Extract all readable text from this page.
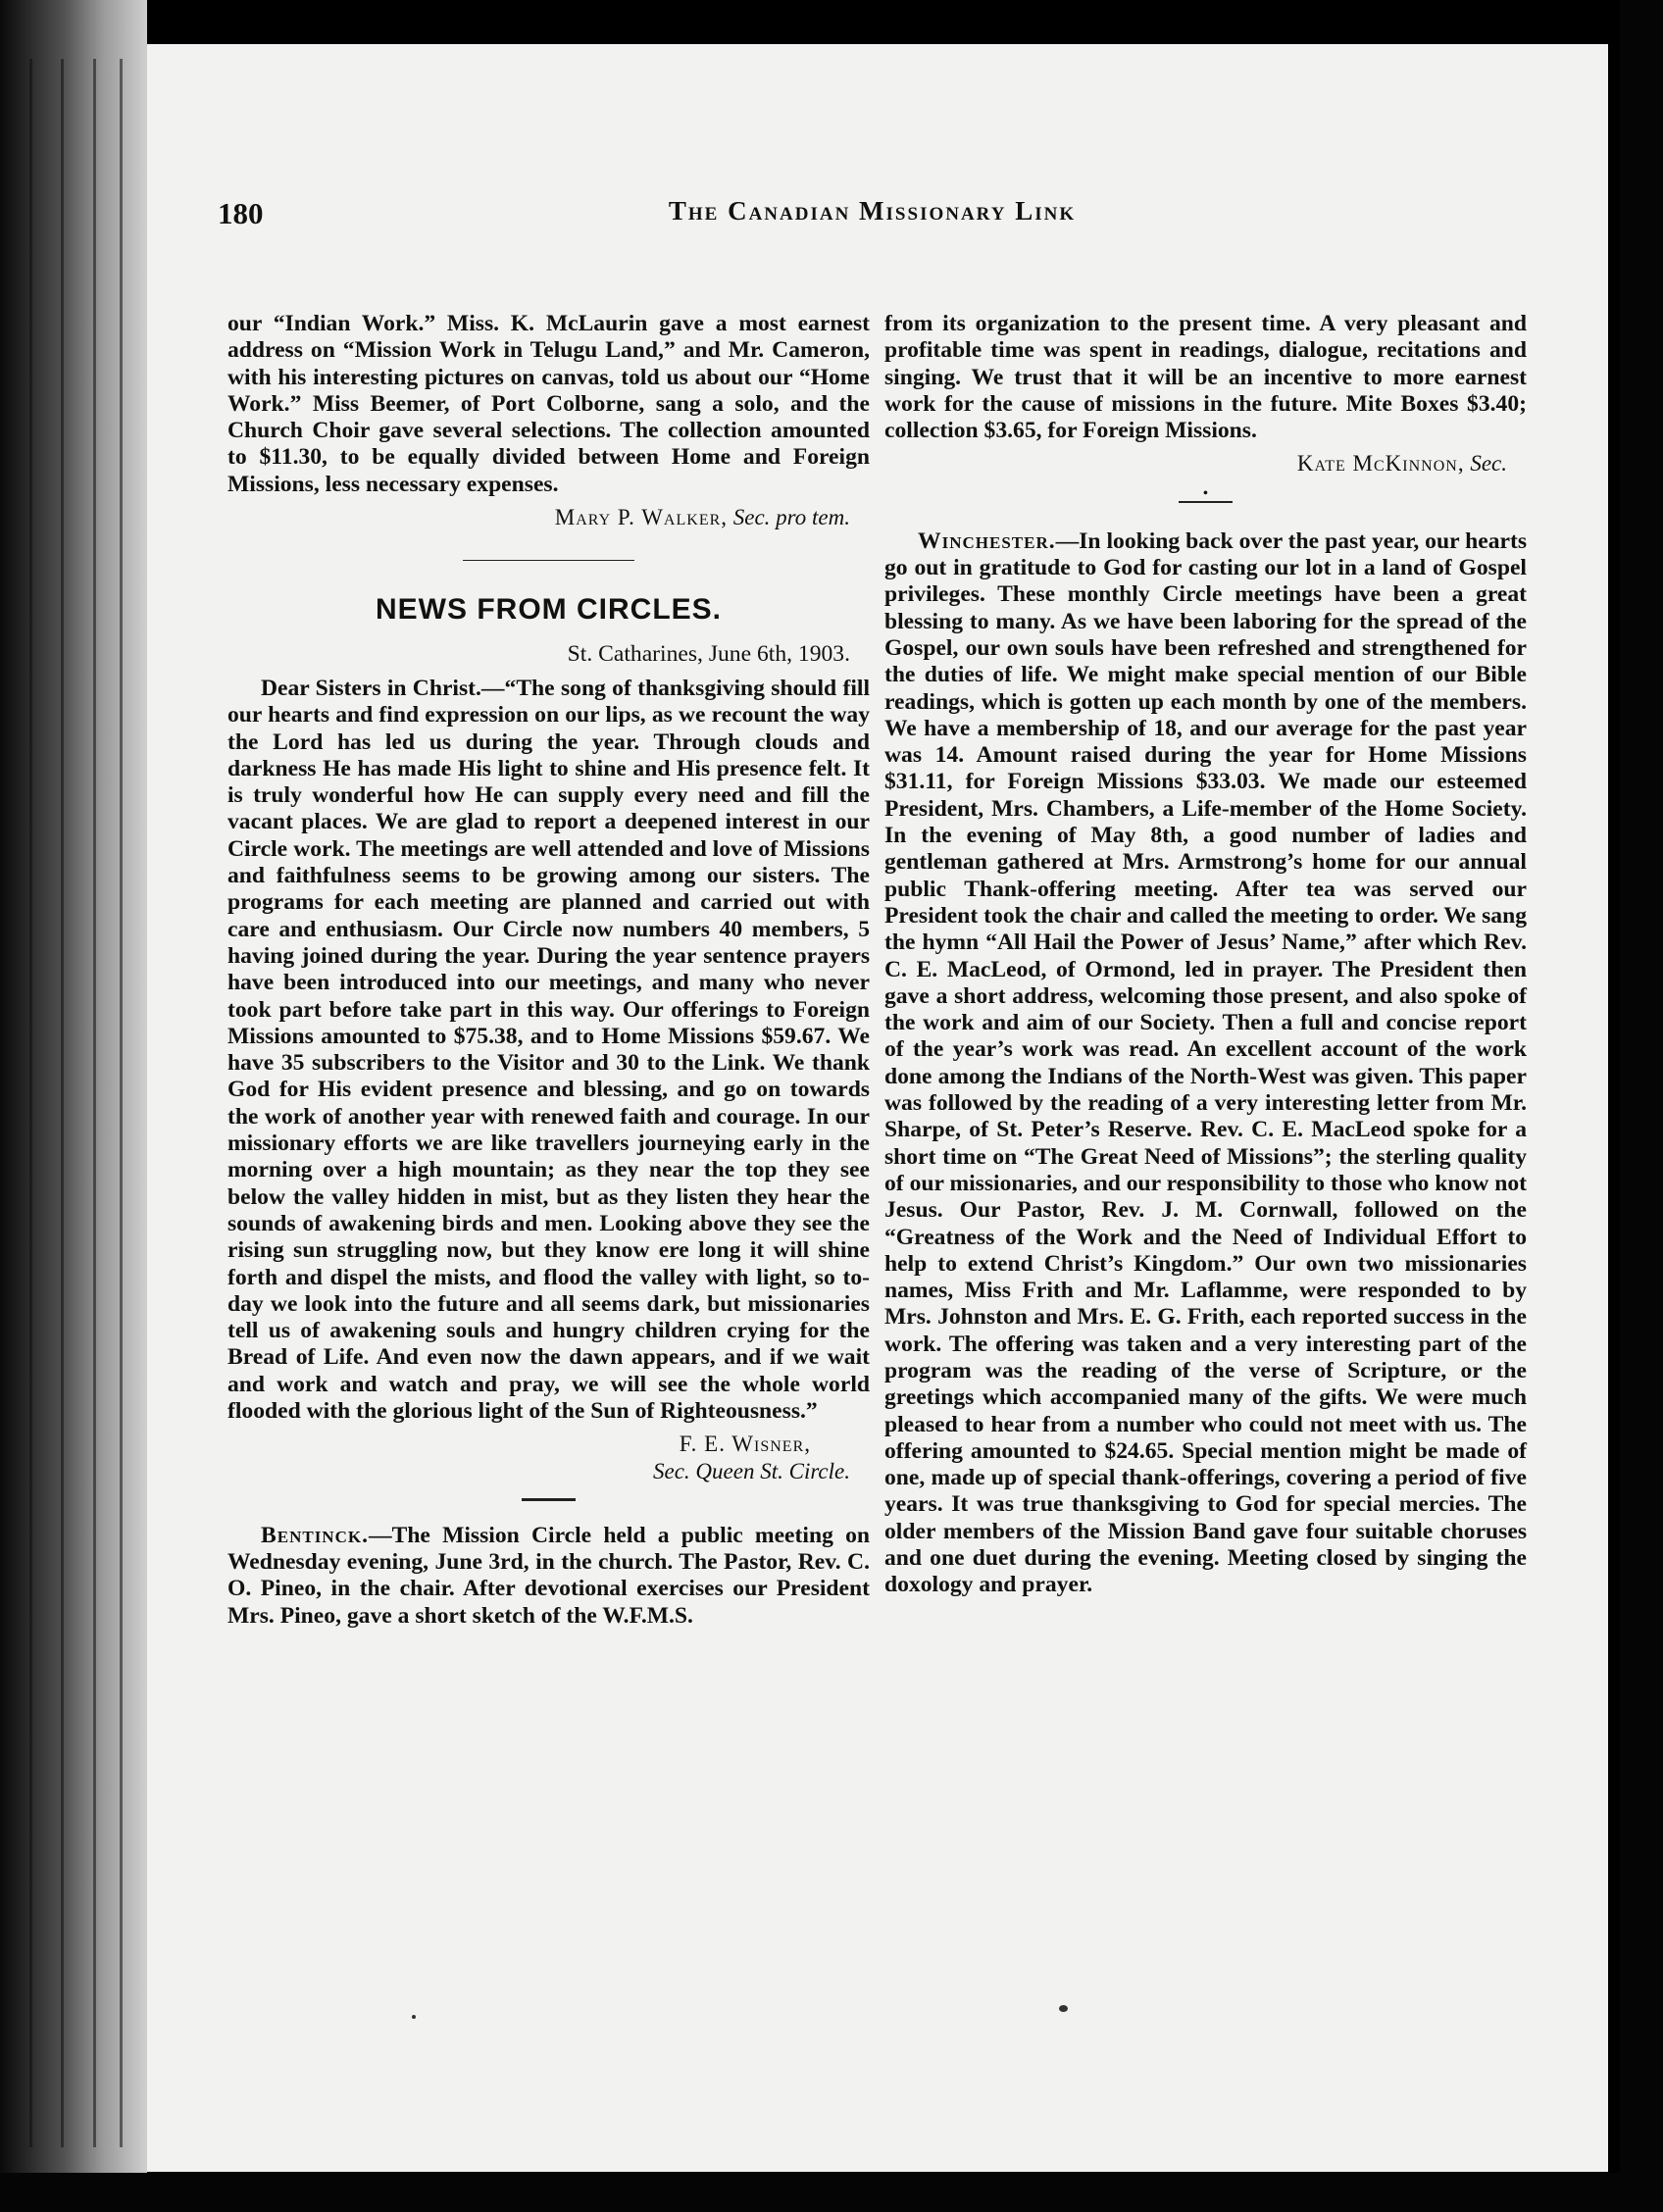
180	The Canadian Missionary Link

our “Indian Work.” Miss. K. McLaurin gave a most earnest address on “Mission Work in Telugu Land,” and Mr. Cameron, with his interesting pictures on canvas, told us about our “Home Work.” Miss Beemer, of Port Colborne, sang a solo, and the Church Choir gave several selections. The collection amounted to $11.30, to be equally divided between Home and Foreign Missions, less necessary expenses.

Mary P. Walker, Sec. pro tem.
NEWS FROM CIRCLES.

St. Catharines, June 6th, 1903.

Dear Sisters in Christ.—“The song of thanksgiving should fill our hearts and find expression on our lips, as we recount the way the Lord has led us during the year. Through clouds and darkness He has made His light to shine and His presence felt. It is truly wonderful how He can supply every need and fill the vacant places. We are glad to report a deepened interest in our Circle work. The meetings are well attended and love of Missions and faithfulness seems to be growing among our sisters. The programs for each meeting are planned and carried out with care and enthusiasm. Our Circle now numbers 40 members, 5 having joined during the year. During the year sentence prayers have been introduced into our meetings, and many who never took part before take part in this way. Our offerings to Foreign Missions amounted to $75.38, and to Home Missions $59.67. We have 35 subscribers to the Visitor and 30 to the Link. We thank God for His evident presence and blessing, and go on towards the work of another year with renewed faith and courage. In our missionary efforts we are like travellers journeying early in the morning over a high mountain; as they near the top they see below the valley hidden in mist, but as they listen they hear the sounds of awakening birds and men. Looking above they see the rising sun struggling now, but they know ere long it will shine forth and dispel the mists, and flood the valley with light, so to-day we look into the future and all seems dark, but missionaries tell us of awakening souls and hungry children crying for the Bread of Life. And even now the dawn appears, and if we wait and work and watch and pray, we will see the whole world flooded with the glorious light of the Sun of Righteousness.”

F. E. Wisner,
Sec. Queen St. Circle.

Bentinck.—The Mission Circle held a public meeting on Wednesday evening, June 3rd, in the church. The Pastor, Rev. C. O. Pineo, in the chair. After devotional exercises our President Mrs. Pineo, gave a short sketch of the W.F.M.S.

from its organization to the present time. A very pleasant and profitable time was spent in readings, dialogue, recitations and singing. We trust that it will be an incentive to more earnest work for the cause of missions in the future. Mite Boxes $3.40; collection $3.65, for Foreign Missions.

Kate McKinnon, Sec.
•

Winchester.—In looking back over the past year, our hearts go out in gratitude to God for casting our lot in a land of Gospel privileges. These monthly Circle meetings have been a great blessing to many. As we have been laboring for the spread of the Gospel, our own souls have been refreshed and strengthened for the duties of life. We might make special mention of our Bible readings, which is gotten up each month by one of the members. We have a membership of 18, and our average for the past year was 14. Amount raised during the year for Home Missions $31.11, for Foreign Missions $33.03. We made our esteemed President, Mrs. Chambers, a Life-member of the Home Society. In the evening of May 8th, a good number of ladies and gentleman gathered at Mrs. Armstrong’s home for our annual public Thank-offering meeting. After tea was served our President took the chair and called the meeting to order. We sang the hymn “All Hail the Power of Jesus’ Name,” after which Rev. C. E. MacLeod, of Ormond, led in prayer. The President then gave a short address, welcoming those present, and also spoke of the work and aim of our Society. Then a full and concise report of the year’s work was read. An excellent account of the work done among the Indians of the North-West was given. This paper was followed by the reading of a very interesting letter from Mr. Sharpe, of St. Peter’s Reserve. Rev. C. E. MacLeod spoke for a short time on “The Great Need of Missions”; the sterling quality of our missionaries, and our responsibility to those who know not Jesus. Our Pastor, Rev. J. M. Cornwall, followed on the “Greatness of the Work and the Need of Individual Effort to help to extend Christ’s Kingdom.” Our own two missionaries names, Miss Frith and Mr. Laflamme, were responded to by Mrs. Johnston and Mrs. E. G. Frith, each reported success in the work. The offering was taken and a very interesting part of the program was the reading of the verse of Scripture, or the greetings which accompanied many of the gifts. We were much pleased to hear from a number who could not meet with us. The offering amounted to $24.65. Special mention might be made of one, made up of special thank-offerings, covering a period of five years. It was true thanksgiving to God for special mercies. The older members of the Mission Band gave four suitable choruses and one duet during the evening. Meeting closed by singing the doxology and prayer.
